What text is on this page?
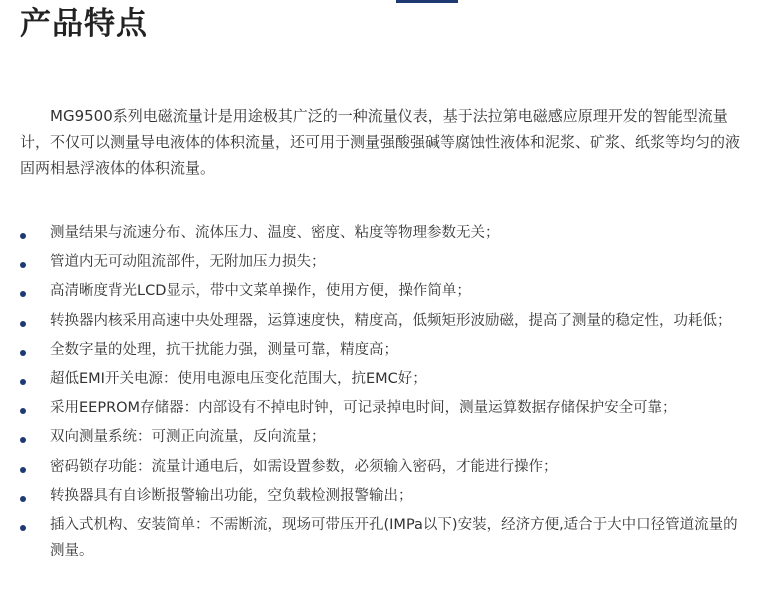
产品特点

MG9500系列电磁流量计是用途极其广泛的一种流量仪表，基于法拉第电磁感应原理开发的智能型流量计，不仅可以测量导电液体的体积流量，还可用于测量强酸强碱等腐蚀性液体和泥浆、矿浆、纸浆等均匀的液固两相悬浮液体的体积流量。

测量结果与流速分布、流体压力、温度、密度、粘度等物理参数无关；
管道内无可动阻流部件，无附加压力损失；
高清晰度背光LCD显示，带中文菜单操作，使用方便，操作简单；
转换器内核采用高速中央处理器，运算速度快，精度高，低频矩形波励磁，提高了测量的稳定性，功耗低；
全数字量的处理，抗干扰能力强，测量可靠，精度高；
超低EMI开关电源：使用电源电压变化范围大，抗EMC好；
采用EEPROM存储器：内部设有不掉电时钟，可记录掉电时间，测量运算数据存储保护安全可靠；
双向测量系统：可测正向流量，反向流量；
密码锁存功能：流量计通电后，如需设置参数，必须输入密码，才能进行操作；
转换器具有自诊断报警输出功能，空负载检测报警输出；
插入式机构、安装简单：不需断流，现场可带压开孔(IMPa以下)安装，经济方便,适合于大中口径管道流量的测量。
